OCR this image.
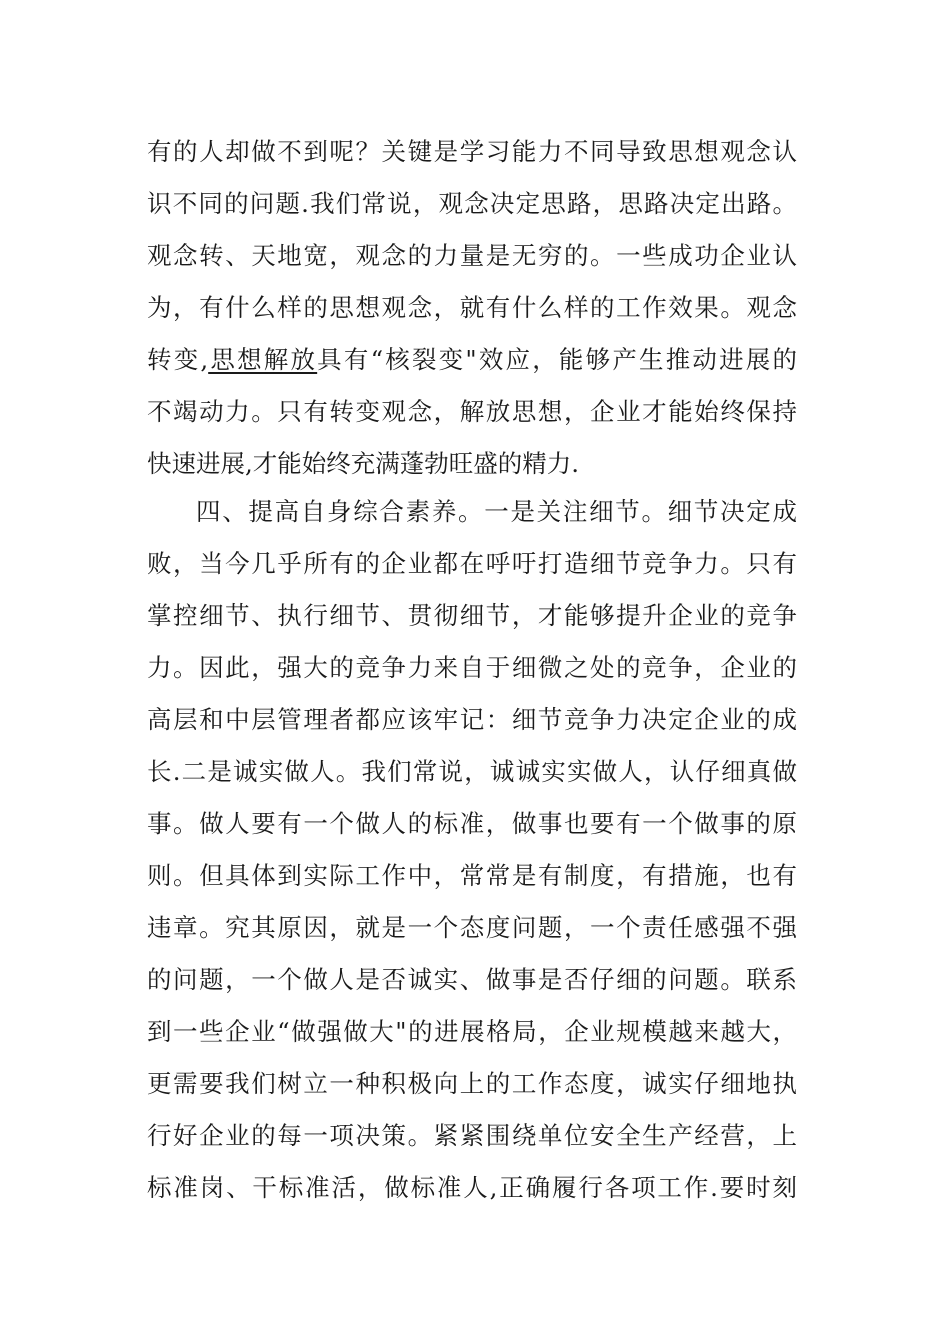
有的人却做不到呢？关键是学习能力不同导致思想观念认
识不同的问题.我们常说，观念决定思路，思路决定出路。
观念转、天地宽，观念的力量是无穷的。一些成功企业认
为，有什么样的思想观念，就有什么样的工作效果。观念
转变,思想解放具有“核裂变"效应，能够产生推动进展的
不竭动力。只有转变观念，解放思想，企业才能始终保持
快速进展,才能始终充满蓬勃旺盛的精力.
四、提高自身综合素养。一是关注细节。细节决定成
败，当今几乎所有的企业都在呼吁打造细节竞争力。只有
掌控细节、执行细节、贯彻细节，才能够提升企业的竞争
力。因此，强大的竞争力来自于细微之处的竞争，企业的
高层和中层管理者都应该牢记：细节竞争力决定企业的成
长.二是诚实做人。我们常说，诚诚实实做人，认仔细真做
事。做人要有一个做人的标准，做事也要有一个做事的原
则。但具体到实际工作中，常常是有制度，有措施，也有
违章。究其原因，就是一个态度问题，一个责任感强不强
的问题，一个做人是否诚实、做事是否仔细的问题。联系
到一些企业“做强做大"的进展格局，企业规模越来越大，
更需要我们树立一种积极向上的工作态度，诚实仔细地执
行好企业的每一项决策。紧紧围绕单位安全生产经营，上
标准岗、干标准活，做标准人,正确履行各项工作.要时刻
